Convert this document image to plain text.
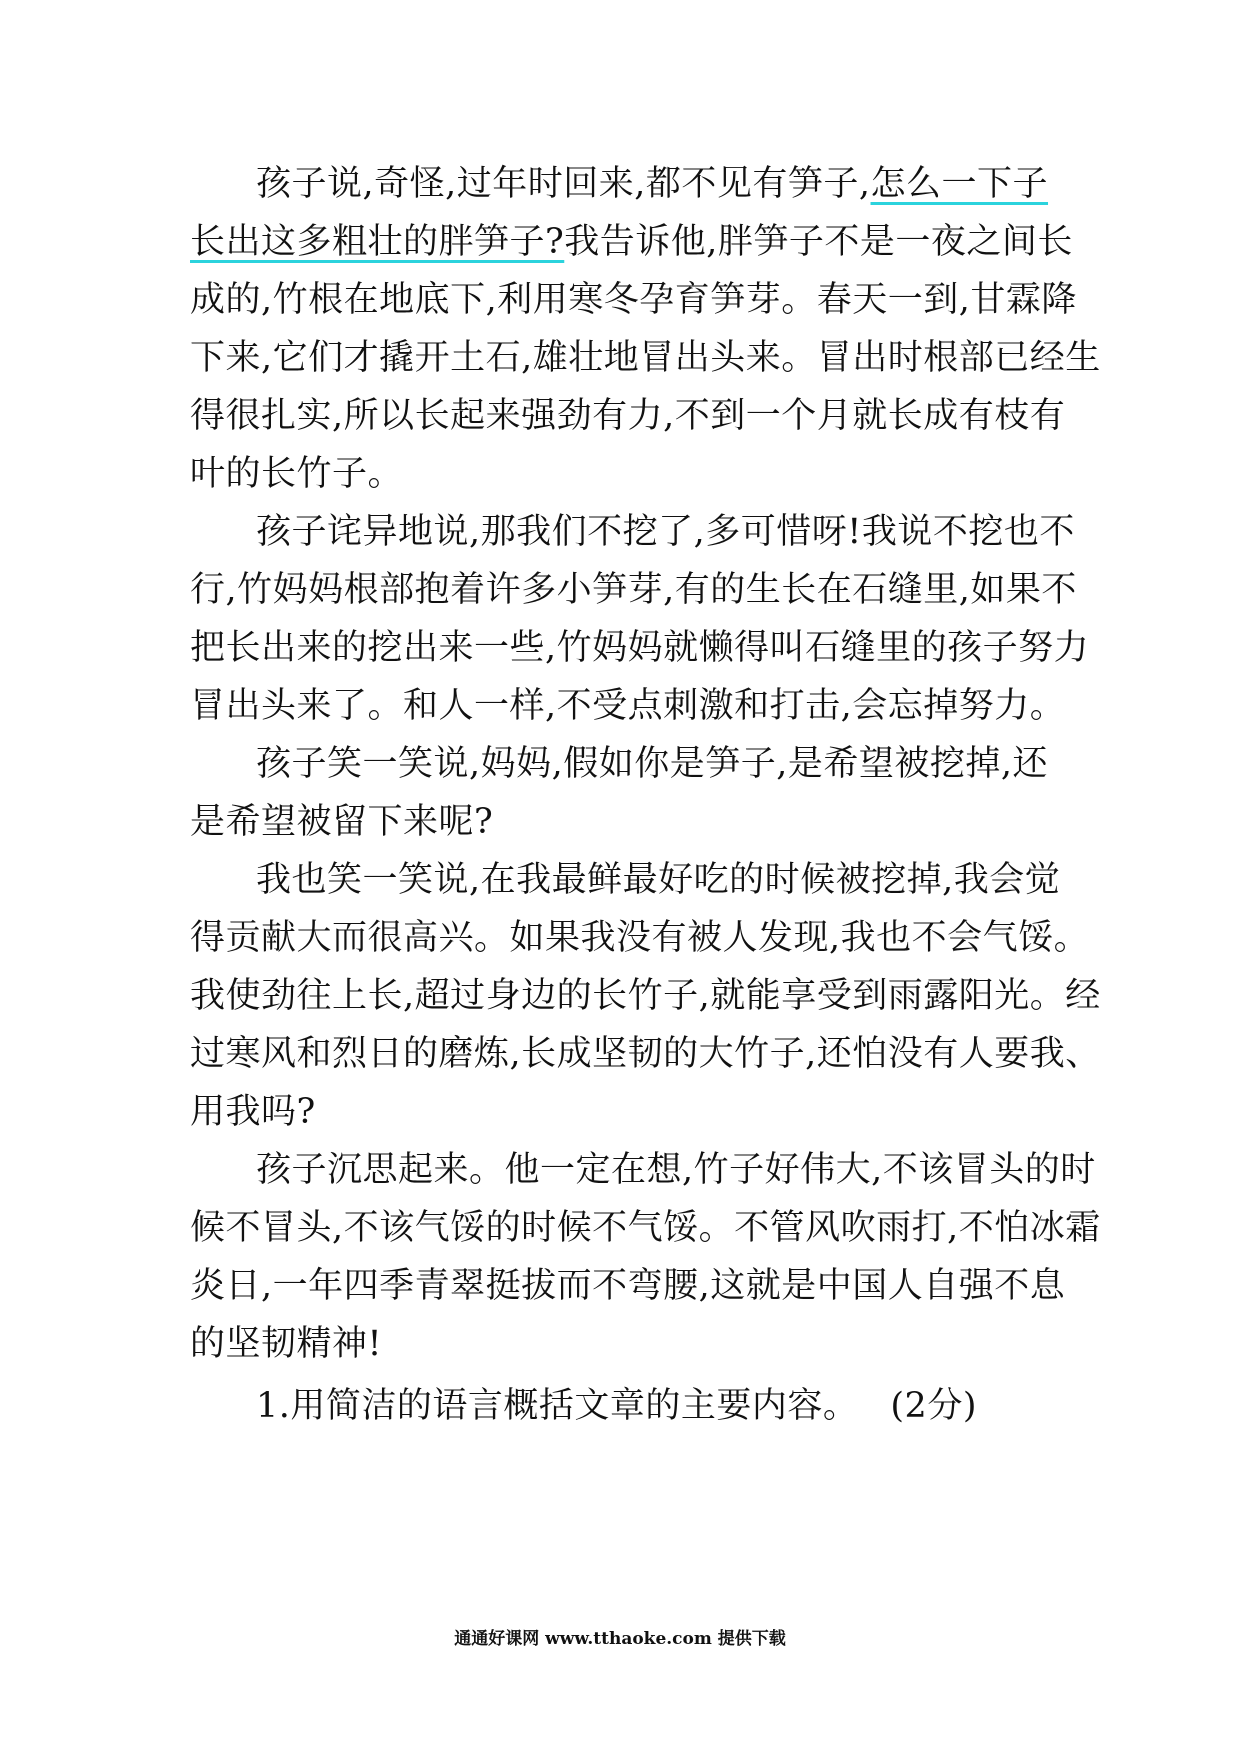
孩子说,奇怪,过年时回来,都不见有笋子,怎么一下子
长出这多粗壮的胖笋子?我告诉他,胖笋子不是一夜之间长
成的,竹根在地底下,利用寒冬孕育笋芽。春天一到,甘霖降
下来,它们才撬开土石,雄壮地冒出头来。冒出时根部已经生
得很扎实,所以长起来强劲有力,不到一个月就长成有枝有
叶的长竹子。
孩子诧异地说,那我们不挖了,多可惜呀!我说不挖也不
行,竹妈妈根部抱着许多小笋芽,有的生长在石缝里,如果不
把长出来的挖出来一些,竹妈妈就懒得叫石缝里的孩子努力
冒出头来了。和人一样,不受点刺激和打击,会忘掉努力。
孩子笑一笑说,妈妈,假如你是笋子,是希望被挖掉,还
是希望被留下来呢?
我也笑一笑说,在我最鲜最好吃的时候被挖掉,我会觉
得贡献大而很高兴。如果我没有被人发现,我也不会气馁。
我使劲往上长,超过身边的长竹子,就能享受到雨露阳光。经
过寒风和烈日的磨炼,长成坚韧的大竹子,还怕没有人要我、
用我吗?
孩子沉思起来。他一定在想,竹子好伟大,不该冒头的时
候不冒头,不该气馁的时候不气馁。不管风吹雨打,不怕冰霜
炎日,一年四季青翠挺拔而不弯腰,这就是中国人自强不息
的坚韧精神!
1.用简洁的语言概括文章的主要内容。 (2分)
通通好课网 www.tthaoke.com 提供下载
